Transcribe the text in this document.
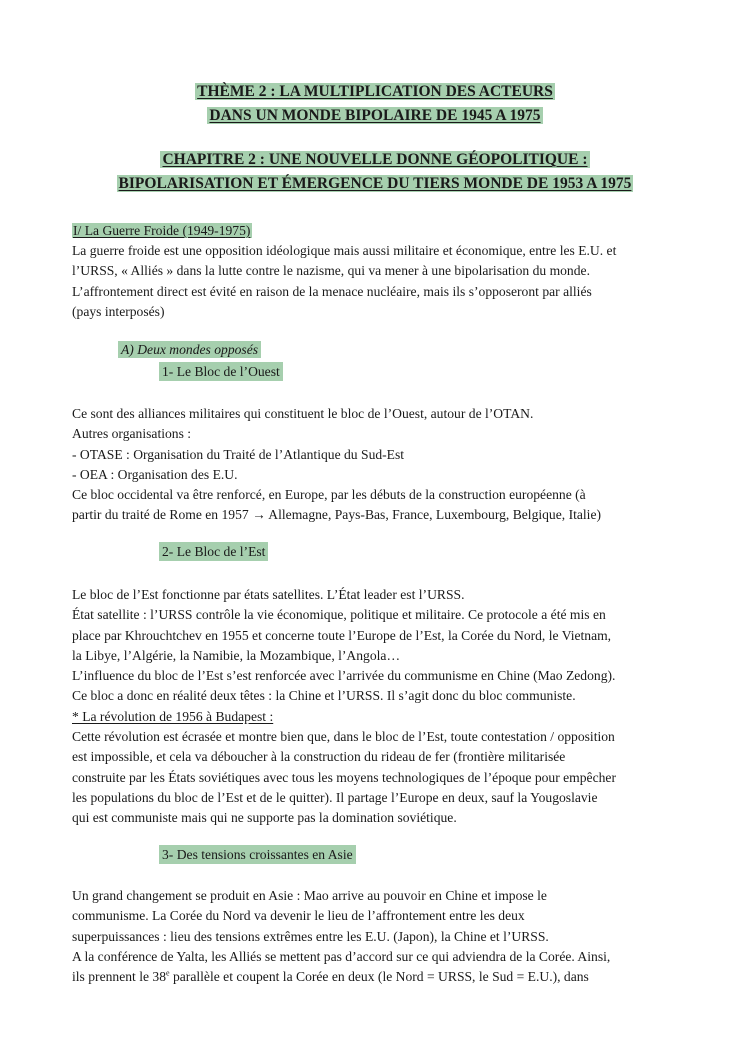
THÈME 2 : LA MULTIPLICATION DES ACTEURS
DANS UN MONDE BIPOLAIRE DE 1945 A 1975
CHAPITRE 2 : UNE NOUVELLE DONNE GÉOPOLITIQUE :
BIPOLARISATION ET ÉMERGENCE DU TIERS MONDE DE 1953 A 1975
I/ La Guerre Froide (1949-1975)

La guerre froide est une opposition idéologique mais aussi militaire et économique, entre les E.U. et

l’URSS, « Alliés » dans la lutte contre le nazisme, qui va mener à une bipolarisation du monde.

L’affrontement direct est évité en raison de la menace nucléaire, mais ils s’opposeront par alliés

(pays interposés)

A) Deux mondes opposés
1- Le Bloc de l’Ouest

Ce sont des alliances militaires qui constituent le bloc de l’Ouest, autour de l’OTAN.

Autres organisations :

- OTASE : Organisation du Traité de l’Atlantique du Sud-Est

- OEA : Organisation des E.U.

Ce bloc occidental va être renforcé, en Europe, par les débuts de la construction européenne (à

partir du traité de Rome en 1957 → Allemagne, Pays-Bas, France, Luxembourg, Belgique, Italie)

2- Le Bloc de l’Est

Le bloc de l’Est fonctionne par états satellites. L’État leader est l’URSS.

État satellite : l’URSS contrôle la vie économique, politique et militaire. Ce protocole a été mis en

place par Khrouchtchev en 1955 et concerne toute l’Europe de l’Est, la Corée du Nord, le Vietnam,

la Libye, l’Algérie, la Namibie, la Mozambique, l’Angola…

L’influence du bloc de l’Est s’est renforcée avec l’arrivée du communisme en Chine (Mao Zedong).

Ce bloc a donc en réalité deux têtes : la Chine et l’URSS. Il s’agit donc du bloc communiste.

* La révolution de 1956 à Budapest :

Cette révolution est écrasée et montre bien que, dans le bloc de l’Est, toute contestation / opposition

est impossible, et cela va déboucher à la construction du rideau de fer (frontière militarisée

construite par les États soviétiques avec tous les moyens technologiques de l’époque pour empêcher

les populations du bloc de l’Est et de le quitter). Il partage l’Europe en deux, sauf la Yougoslavie

qui est communiste mais qui ne supporte pas la domination soviétique.

3- Des tensions croissantes en Asie

Un grand changement se produit en Asie : Mao arrive au pouvoir en Chine et impose le

communisme. La Corée du Nord va devenir le lieu de l’affrontement entre les deux

superpuissances : lieu des tensions extrêmes entre les E.U. (Japon), la Chine et l’URSS.

A la conférence de Yalta, les Alliés se mettent pas d’accord sur ce qui adviendra de la Corée. Ainsi,

ils prennent le 38e parallèle et coupent la Corée en deux (le Nord = URSS, le Sud = E.U.), dans
